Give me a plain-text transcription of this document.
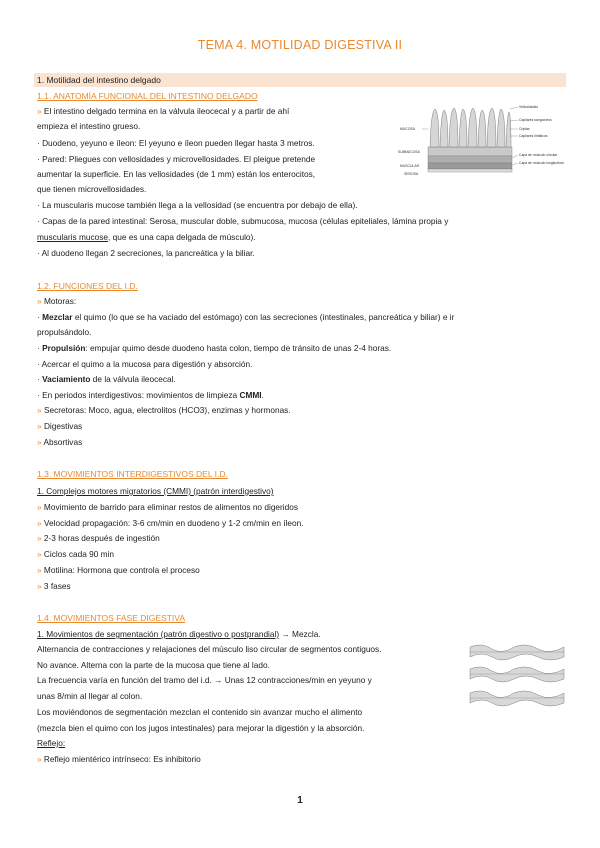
TEMA 4. MOTILIDAD DIGESTIVA II
1. Motilidad del intestino delgado
1.1. ANATOMÍA FUNCIONAL DEL INTESTINO DELGADO
» El intestino delgado termina en la válvula ileocecal y a partir de ahí
empieza el intestino grueso.
· Duodeno, yeyuno e íleon: El yeyuno e íleon pueden llegar hasta 3 metros.
· Pared: Pliegues con vellosidades y microvellosidades. El pleigue pretende
aumentar la superficie. En las vellosidades (de 1 mm) están los enterocitos,
que tienen microvellosidades.
· La muscularis mucose también llega a la vellosidad (se encuentra por debajo de ella).
· Capas de la pared intestinal: Serosa, muscular doble, submucosa, mucosa (células epiteliales, lámina propia y
muscularis mucose, que es una capa delgada de músculo).
· Al duodeno llegan 2 secreciones, la pancreática y la biliar.
MUCOSA
SUBMUCOSA
MUSCULAR
SEROSA
Vellosidades
Capilares sanguíneos
Criptas
Capilares linfáticos
Capa de músculo circular
Capa de músculo longitudinal
1.2. FUNCIONES DEL I.D.
» Motoras:
· Mezclar el quimo (lo que se ha vaciado del estómago) con las secreciones (intestinales, pancreática y biliar) e ir
propulsándolo.
· Propulsión: empujar quimo desde duodeno hasta colon, tiempo de tránsito de unas 2-4 horas.
· Acercar el quimo a la mucosa para digestión y absorción.
· Vaciamiento de la válvula ileocecal.
· En periodos interdigestivos: movimientos de limpieza CMMI.
» Secretoras: Moco, agua, electrolitos (HCO3), enzimas y hormonas.
» Digestivas
» Absortivas
1.3. MOVIMIENTOS INTERDIGESTIVOS DEL I.D.
1. Complejos motores migratorios (CMMI) (patrón interdigestivo)
» Movimiento de barrido para eliminar restos de alimentos no digeridos
» Velocidad propagación: 3-6 cm/min en duodeno y 1-2 cm/min en íleon.
» 2-3 horas después de ingestión
» Ciclos cada 90 min
» Motilina: Hormona que controla el proceso
» 3 fases
1.4. MOVIMIENTOS FASE DIGESTIVA
1. Movimientos de segmentación (patrón digestivo o postprandial) → Mezcla.
Alternancia de contracciones y relajaciones del músculo liso circular de segmentos contiguos.
No avance. Alterna con la parte de la mucosa que tiene al lado.
La frecuencia varía en función del tramo del i.d. → Unas 12 contracciones/min en yeyuno y
unas 8/min al llegar al colon.
Los moviéndonos de segmentación mezclan el contenido sin avanzar mucho el alimento
(mezcla bien el quimo con los jugos intestinales) para mejorar la digestión y la absorción.
Reflejo:
» Reflejo mientérico intrínseco: Es inhibitorio
1
